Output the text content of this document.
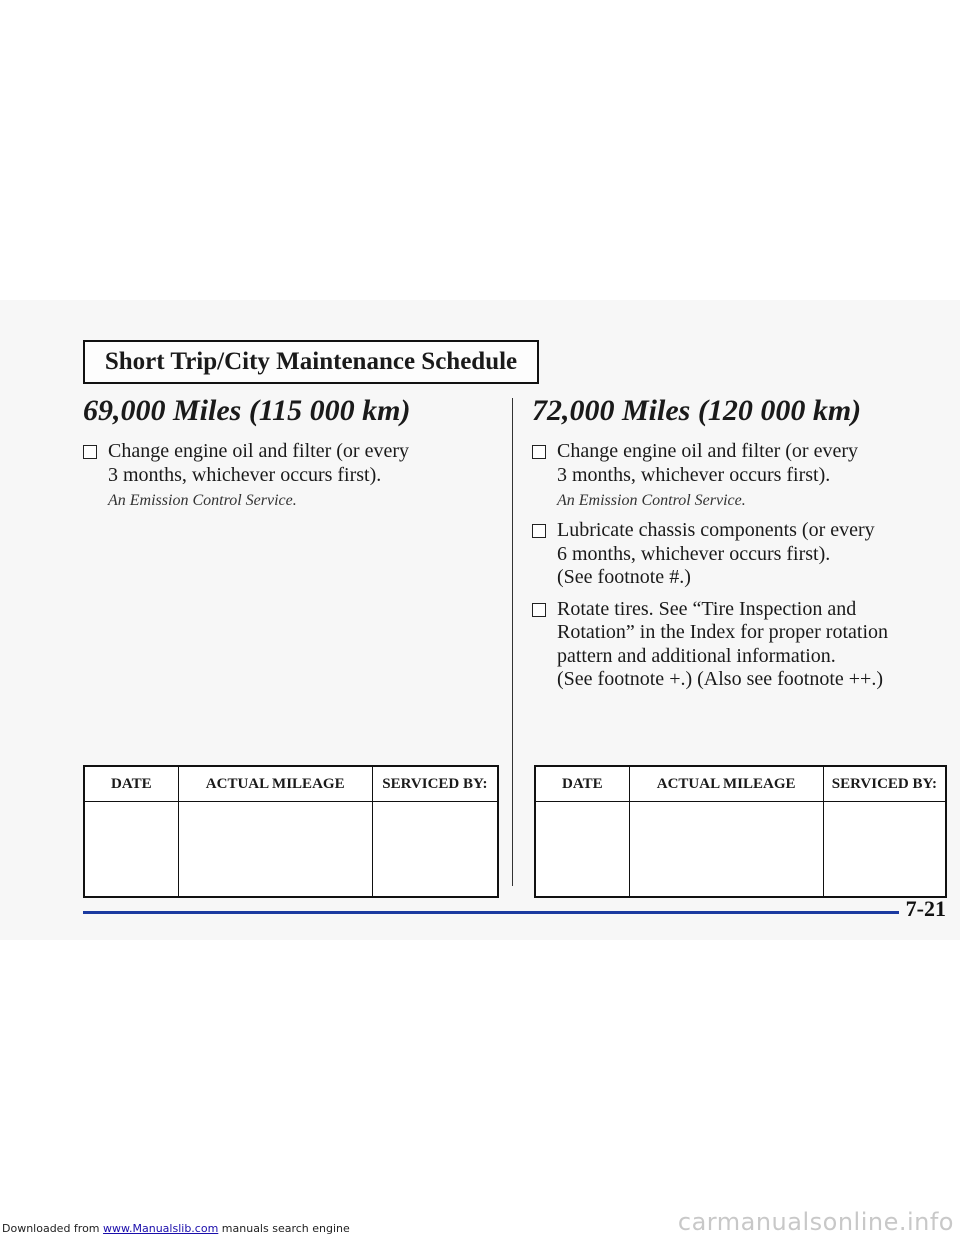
Short Trip/City Maintenance Schedule
69,000 Miles (115 000 km)
Change engine oil and filter (or every
3 months, whichever occurs first).
An Emission Control Service.
72,000 Miles (120 000 km)
Change engine oil and filter (or every
3 months, whichever occurs first).
An Emission Control Service.
Lubricate chassis components (or every
6 months, whichever occurs first).
(See footnote #.)
Rotate tires. See “Tire Inspection and
Rotation” in the Index for proper rotation
pattern and additional information.
(See footnote +.) (Also see footnote ++.)
DATE	ACTUAL MILEAGE	SERVICED BY:
			DATE	ACTUAL MILEAGE	SERVICED BY:

7-21
Downloaded from www.Manualslib.com manuals search engine	carmanualsonline.info
